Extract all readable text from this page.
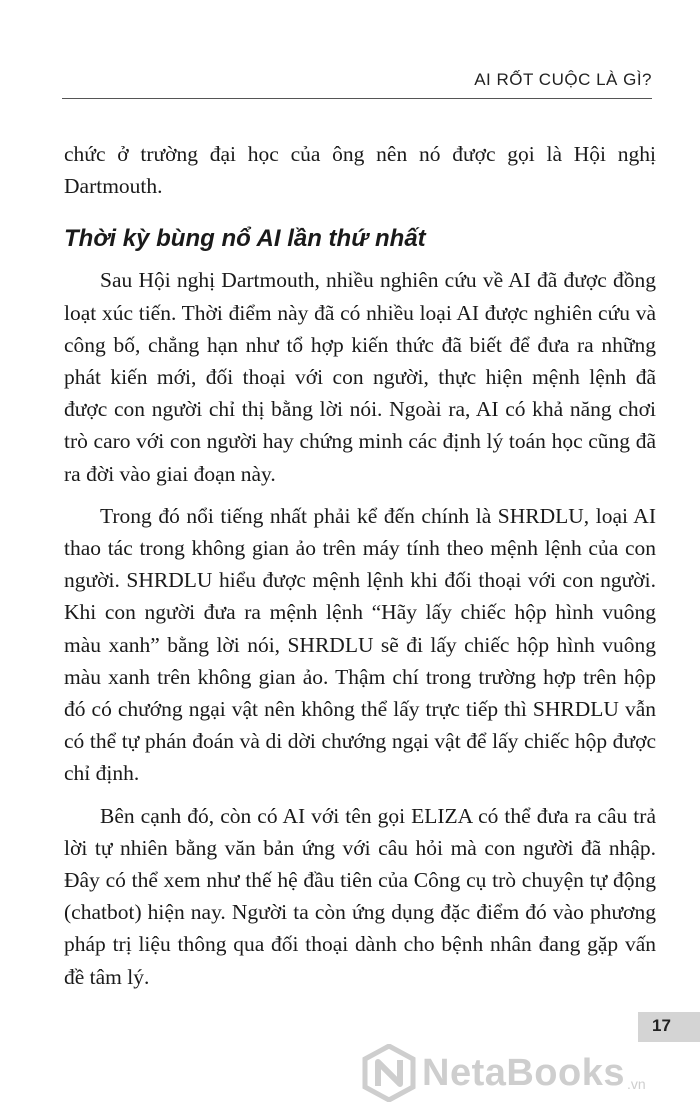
AI RỐT CUỘC LÀ GÌ?

chức ở trường đại học của ông nên nó được gọi là Hội nghị Dartmouth.

Thời kỳ bùng nổ AI lần thứ nhất

Sau Hội nghị Dartmouth, nhiều nghiên cứu về AI đã được đồng loạt xúc tiến. Thời điểm này đã có nhiều loại AI được nghiên cứu và công bố, chẳng hạn như tổ hợp kiến thức đã biết để đưa ra những phát kiến mới, đối thoại với con người, thực hiện mệnh lệnh đã được con người chỉ thị bằng lời nói. Ngoài ra, AI có khả năng chơi trò caro với con người hay chứng minh các định lý toán học cũng đã ra đời vào giai đoạn này.

Trong đó nổi tiếng nhất phải kể đến chính là SHRDLU, loại AI thao tác trong không gian ảo trên máy tính theo mệnh lệnh của con người. SHRDLU hiểu được mệnh lệnh khi đối thoại với con người. Khi con người đưa ra mệnh lệnh “Hãy lấy chiếc hộp hình vuông màu xanh” bằng lời nói, SHRDLU sẽ đi lấy chiếc hộp hình vuông màu xanh trên không gian ảo. Thậm chí trong trường hợp trên hộp đó có chướng ngại vật nên không thể lấy trực tiếp thì SHRDLU vẫn có thể tự phán đoán và di dời chướng ngại vật để lấy chiếc hộp được chỉ định.

Bên cạnh đó, còn có AI với tên gọi ELIZA có thể đưa ra câu trả lời tự nhiên bằng văn bản ứng với câu hỏi mà con người đã nhập. Đây có thể xem như thế hệ đầu tiên của Công cụ trò chuyện tự động (chatbot) hiện nay. Người ta còn ứng dụng đặc điểm đó vào phương pháp trị liệu thông qua đối thoại dành cho bệnh nhân đang gặp vấn đề tâm lý.

17
NetaBooks .vn
